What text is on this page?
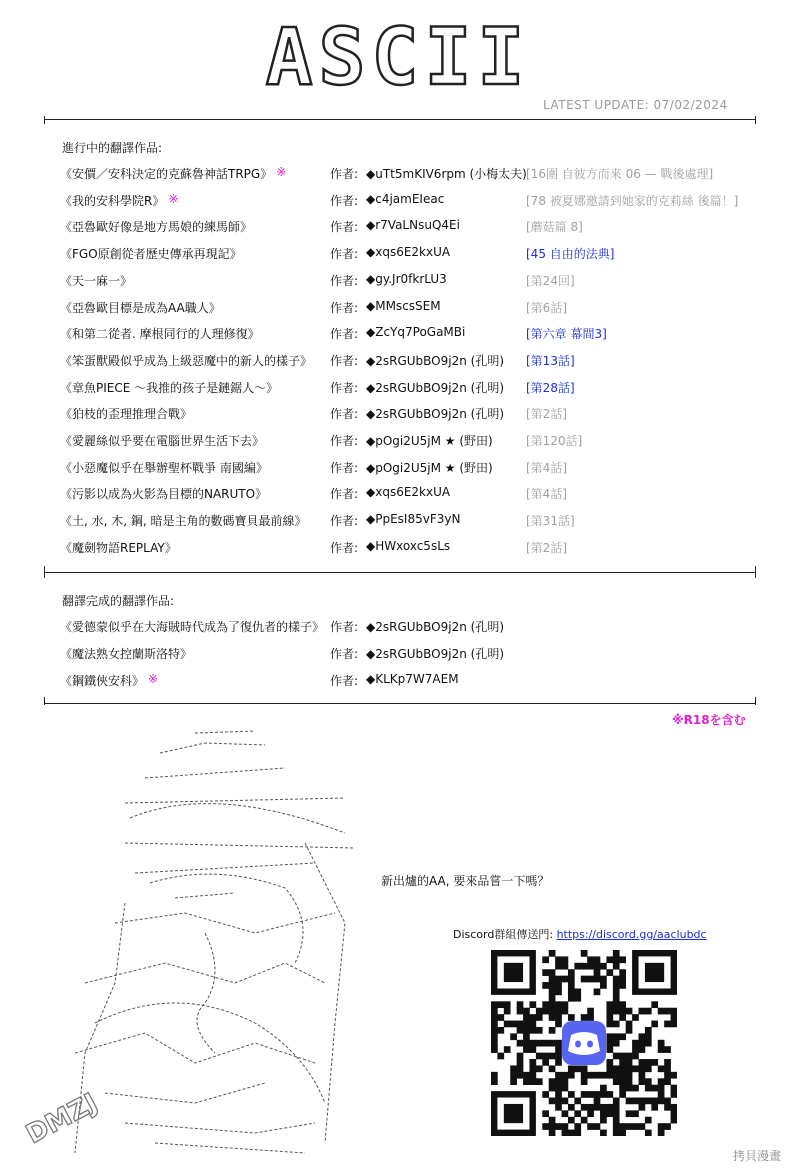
ASCII
LATEST UPDATE: 07/02/2024
進行中的翻譯作品:
《安價／安科決定的克蘇魯神話TRPG》 ※	作者: ◆uTt5mKIV6rpm (小梅太夫) [16圍 自彼方而來 06 — 戰後處理]
《我的安科學院R》 ※	作者: ◆c4jamEIeac	[78 被夏娜邀請到她家的克莉絲 後篇！]
《亞魯歐好像是地方馬娘的練馬師》	作者: ◆r7VaLNsuQ4Ei	[蘑菇篇 8]
《FGO原創從者歷史傳承再現記》	作者: ◆xqs6E2kxUA	[45 自由的法典]
《天一麻一》	作者: ◆gy.Jr0fkrLU3	[第24回]
《亞魯歐目標是成為AA職人》	作者: ◆MMscsSEM	[第6話]
《和第二從者. 摩根同行的人理修復》	作者: ◆ZcYq7PoGaMBi	[第六章 幕間3]
《笨蛋獸殿似乎成為上級惡魔中的新人的樣子》 作者: ◆2sRGUbBO9j2n (孔明) [第13話]
《章魚PIECE ～我推的孩子是鏈鋸人～》	作者: ◆2sRGUbBO9j2n (孔明) [第28話]
《狛枝的歪理推理合戰》	作者: ◆2sRGUbBO9j2n (孔明) [第2話]
《愛麗絲似乎要在電腦世界生活下去》	作者: ◆pOgi2U5jM ★ (野田)	[第120話]
《小惡魔似乎在舉辦聖杯戰爭 南國編》	作者: ◆pOgi2U5jM ★ (野田)	[第4話]
《污影以成為火影為目標的NARUTO》	作者: ◆xqs6E2kxUA	[第4話]
《土, 水, 木, 鋼, 暗是主角的數碼寶貝最前線》 作者: ◆PpEsI85vF3yN	[第31話]
《魔劍物語REPLAY》	作者: ◆HWxoxc5sLs	[第2話]
翻譯完成的翻譯作品:
《愛德蒙似乎在大海賊時代成為了復仇者的樣子》 作者: ◆2sRGUbBO9j2n (孔明)
《魔法熟女控蘭斯洛特》	作者: ◆2sRGUbBO9j2n (孔明)
《鋼鐵俠安科》 ※	作者: ◆KLKp7W7AEM
※R18を含む
新出爐的AA, 要來品嘗一下嗎？
Discord群組傳送門: https://discord.gg/aaclubdc
DMZJ
拷貝漫畫
